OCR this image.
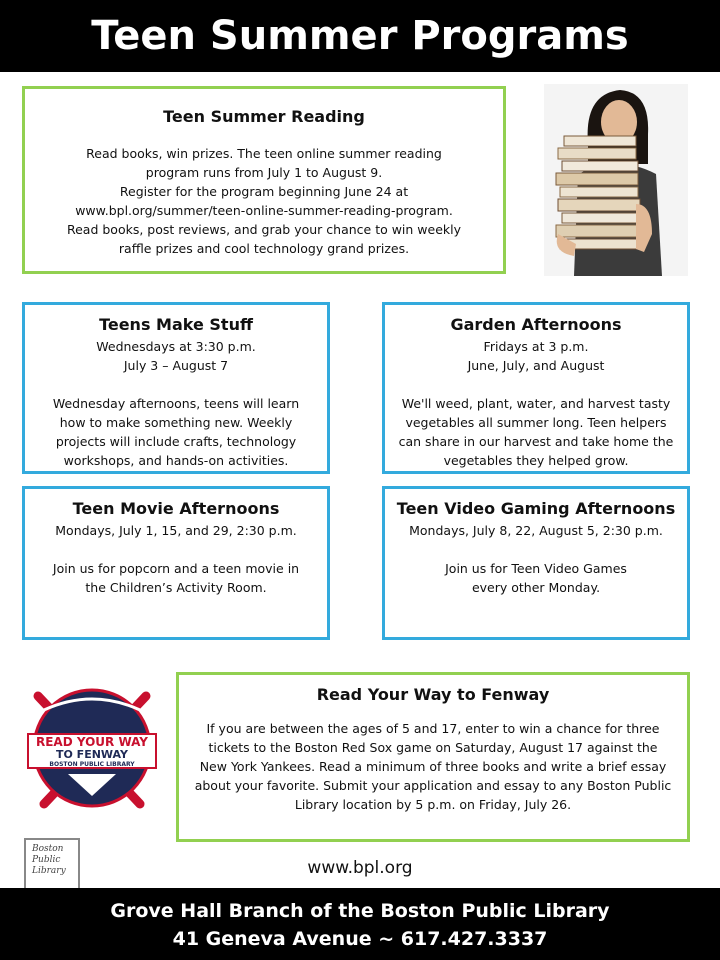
Teen Summer Programs
Teen Summer Reading
Read books, win prizes. The teen online summer reading
program runs from July 1 to August 9.
Register for the program beginning June 24 at
www.bpl.org/summer/teen-online-summer-reading-program.
Read books, post reviews, and grab your chance to win weekly
raffle prizes and cool technology grand prizes.
Teens Make Stuff
Wednesdays at 3:30 p.m.
July 3 – August 7
Wednesday afternoons, teens will learn
how to make something new. Weekly
projects will include crafts, technology
workshops, and hands-on activities.
Garden Afternoons
Fridays at 3 p.m.
June, July, and August
We'll weed, plant, water, and harvest tasty
vegetables all summer long. Teen helpers
can share in our harvest and take home the
vegetables they helped grow.
Teen Movie Afternoons
Mondays, July 1, 15, and 29, 2:30 p.m.
Join us for popcorn and a teen movie in
the Children’s Activity Room.
Teen Video Gaming Afternoons
Mondays, July 8, 22, August 5, 2:30 p.m.
Join us for Teen Video Games
every other Monday.
READ YOUR WAY
TO FENWAY
BOSTON PUBLIC LIBRARY
Read Your Way to Fenway
If you are between the ages of 5 and 17, enter to win a chance for three
tickets to the Boston Red Sox game on Saturday, August 17 against the
New York Yankees. Read a minimum of three books and write a brief essay
about your favorite. Submit your application and essay to any Boston Public
Library location by 5 p.m. on Friday, July 26.
Boston
Public
Library	www.bpl.org
Grove Hall Branch of the Boston Public Library
41 Geneva Avenue ~ 617.427.3337
